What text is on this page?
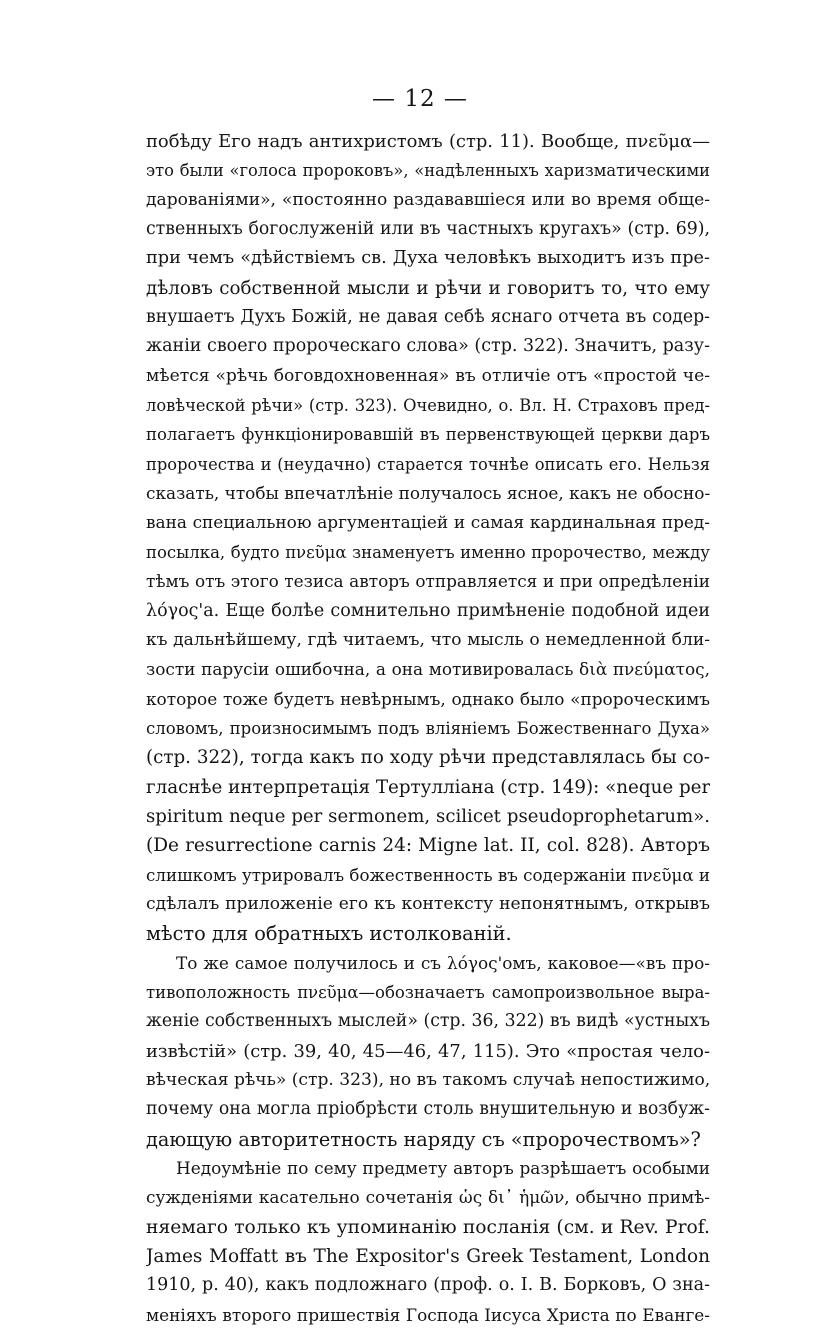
— 12 —
побѣду Его надъ антихристомъ (стр. 11). Вообще, πνεῦμα—
это были «голоса пророковъ», «надѣленныхъ харизматическими
дарованіями», «постоянно раздававшіеся или во время обще-
ственныхъ богослуженій или въ частныхъ кругахъ» (стр. 69),
при чемъ «дѣйствіемъ св. Духа человѣкъ выходитъ изъ пре-
дѣловъ собственной мысли и рѣчи и говоритъ то, что ему
внушаетъ Духъ Божій, не давая себѣ яснаго отчета въ содер-
жаніи своего пророческаго слова» (стр. 322). Значитъ, разу-
мѣется «рѣчь боговдохновенная» въ отличіе отъ «простой че-
ловѣческой рѣчи» (стр. 323). Очевидно, о. Вл. Н. Страховъ пред-
полагаетъ функціонировавшій въ первенствующей церкви даръ
пророчества и (неудачно) старается точнѣе описать его. Нельзя
сказать, чтобы впечатлѣніе получалось ясное, какъ не обосно-
вана специальною аргументаціей и самая кардинальная пред-
посылка, будто πνεῦμα знаменуетъ именно пророчество, между
тѣмъ отъ этого тезиса авторъ отправляется и при опредѣленіи
λόγος'а. Еще болѣе сомнительно примѣненіе подобной идеи
къ дальнѣйшему, гдѣ читаемъ, что мысль о немедленной бли-
зости парусіи ошибочна, а она мотивировалась διὰ πνεύματος,
которое тоже будетъ невѣрнымъ, однако было «пророческимъ
словомъ, произносимымъ подъ вліяніемъ Божественнаго Духа»
(стр. 322), тогда какъ по ходу рѣчи представлялась бы со-
гласнѣе интерпретація Тертулліана (стр. 149): «neque per
spiritum neque per sermonem, scilicet pseudoprophetarum».
(De resurrectione carnis 24: Migne lat. II, col. 828). Авторъ
слишкомъ утрировалъ божественность въ содержаніи πνεῦμα и
сдѣлалъ приложеніе его къ контексту непонятнымъ, открывъ
мѣсто для обратныхъ истолкованій.
То же самое получилось и съ λόγος'омъ, каковое—«въ про-
тивоположность πνεῦμα—обозначаетъ самопроизвольное выра-
женіе собственныхъ мыслей» (стр. 36, 322) въ видѣ «устныхъ
извѣстій» (стр. 39, 40, 45—46, 47, 115). Это «простая чело-
вѣческая рѣчь» (стр. 323), но въ такомъ случаѣ непостижимо,
почему она могла пріобрѣсти столь внушительную и возбуж-
дающую авторитетность наряду съ «пророчествомъ»?
Недоумѣніе по сему предмету авторъ разрѣшаетъ особыми
сужденіями касательно сочетанія ὡς δι᾽ ἡμῶν, обычно примѣ-
няемаго только къ упоминанію посланія (см. и Rev. Prof.
James Moffatt въ The Expositor's Greek Testament, London
1910, p. 40), какъ подложнаго (проф. о. І. В. Борковъ, О зна-
меніяхъ второго пришествія Господа Іисуса Христа по Еванге-
